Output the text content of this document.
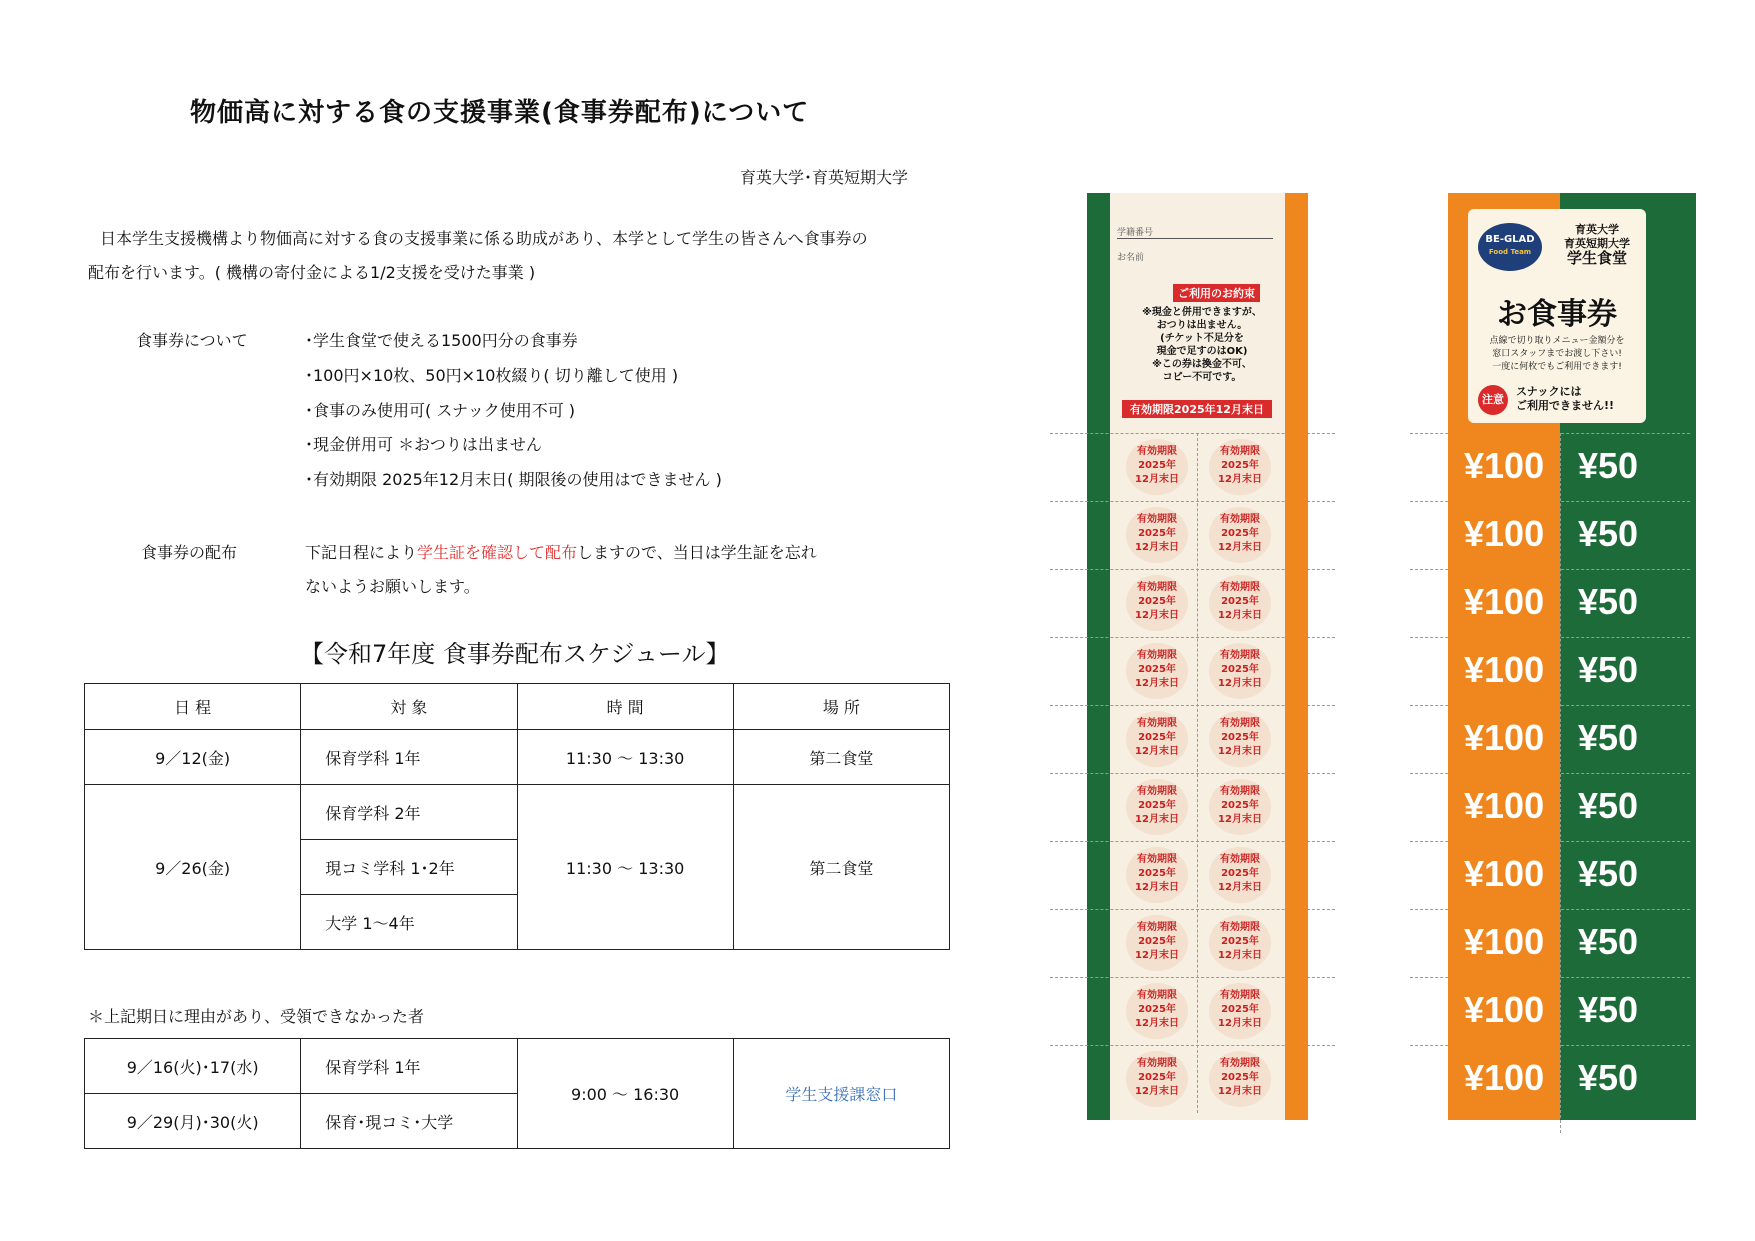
物価高に対する食の支援事業(食事券配布)について
育英大学･育英短期大学

日本学生支援機構より物価高に対する食の支援事業に係る助成があり、本学として学生の皆さんへ食事券の

配布を行います。( 機構の寄付金による1/2支援を受けた事業 )

食事券について	･学生食堂で使える1500円分の食事券
･100円×10枚、50円×10枚綴り( 切り離して使用 )
･食事のみ使用可( スナック使用不可 )
･現金併用可 ＊おつりは出ません
･有効期限 2025年12月末日( 期限後の使用はできません )
食事券の配布	下記日程により学生証を確認して配布しますので、当日は学生証を忘れ
ないようお願いします。
【令和7年度 食事券配布スケジュール】
日 程	対 象	時 間	場 所
9／12(金)	保育学科 1年	11:30 ～ 13:30	第二食堂
9／26(金)	保育学科 2年	11:30 ～ 13:30	第二食堂
	現コミ学科 1･2年		
	大学 1～4年		
＊上記期日に理由があり、受領できなかった者
9／16(火)･17(水)	保育学科 1年	9:00 ～ 16:30	学生支援課窓口
9／29(月)･30(火)	保育･現コミ･大学		
学籍番号
お名前
ご利用のお約束
※現金と併用できますが、
おつりは出ません。
(チケット不足分を
現金で足すのはOK)
※この券は換金不可、
コピー不可です。
有効期限2025年12月末日
有効期限
2025年
12月末日
有効期限
2025年
12月末日
有効期限
2025年
12月末日
有効期限
2025年
12月末日
有効期限
2025年
12月末日
有効期限
2025年
12月末日
有効期限
2025年
12月末日
有効期限
2025年
12月末日
有効期限
2025年
12月末日
有効期限
2025年
12月末日
有効期限
2025年
12月末日
有効期限
2025年
12月末日
有効期限
2025年
12月末日
有効期限
2025年
12月末日
有効期限
2025年
12月末日
有効期限
2025年
12月末日
有効期限
2025年
12月末日
有効期限
2025年
12月末日
有効期限
2025年
12月末日
有効期限
2025年
12月末日
BE-GLAD
Food Team
育英大学
育英短期大学
学生食堂
お食事券
点線で切り取りメニュー金額分を
窓口スタッフまでお渡し下さい!
一度に何枚でもご利用できます!
注意
スナックには
ご利用できません!!
¥100 ¥50
¥100 ¥50
¥100 ¥50
¥100 ¥50
¥100 ¥50
¥100 ¥50
¥100 ¥50
¥100 ¥50
¥100 ¥50
¥100 ¥50
